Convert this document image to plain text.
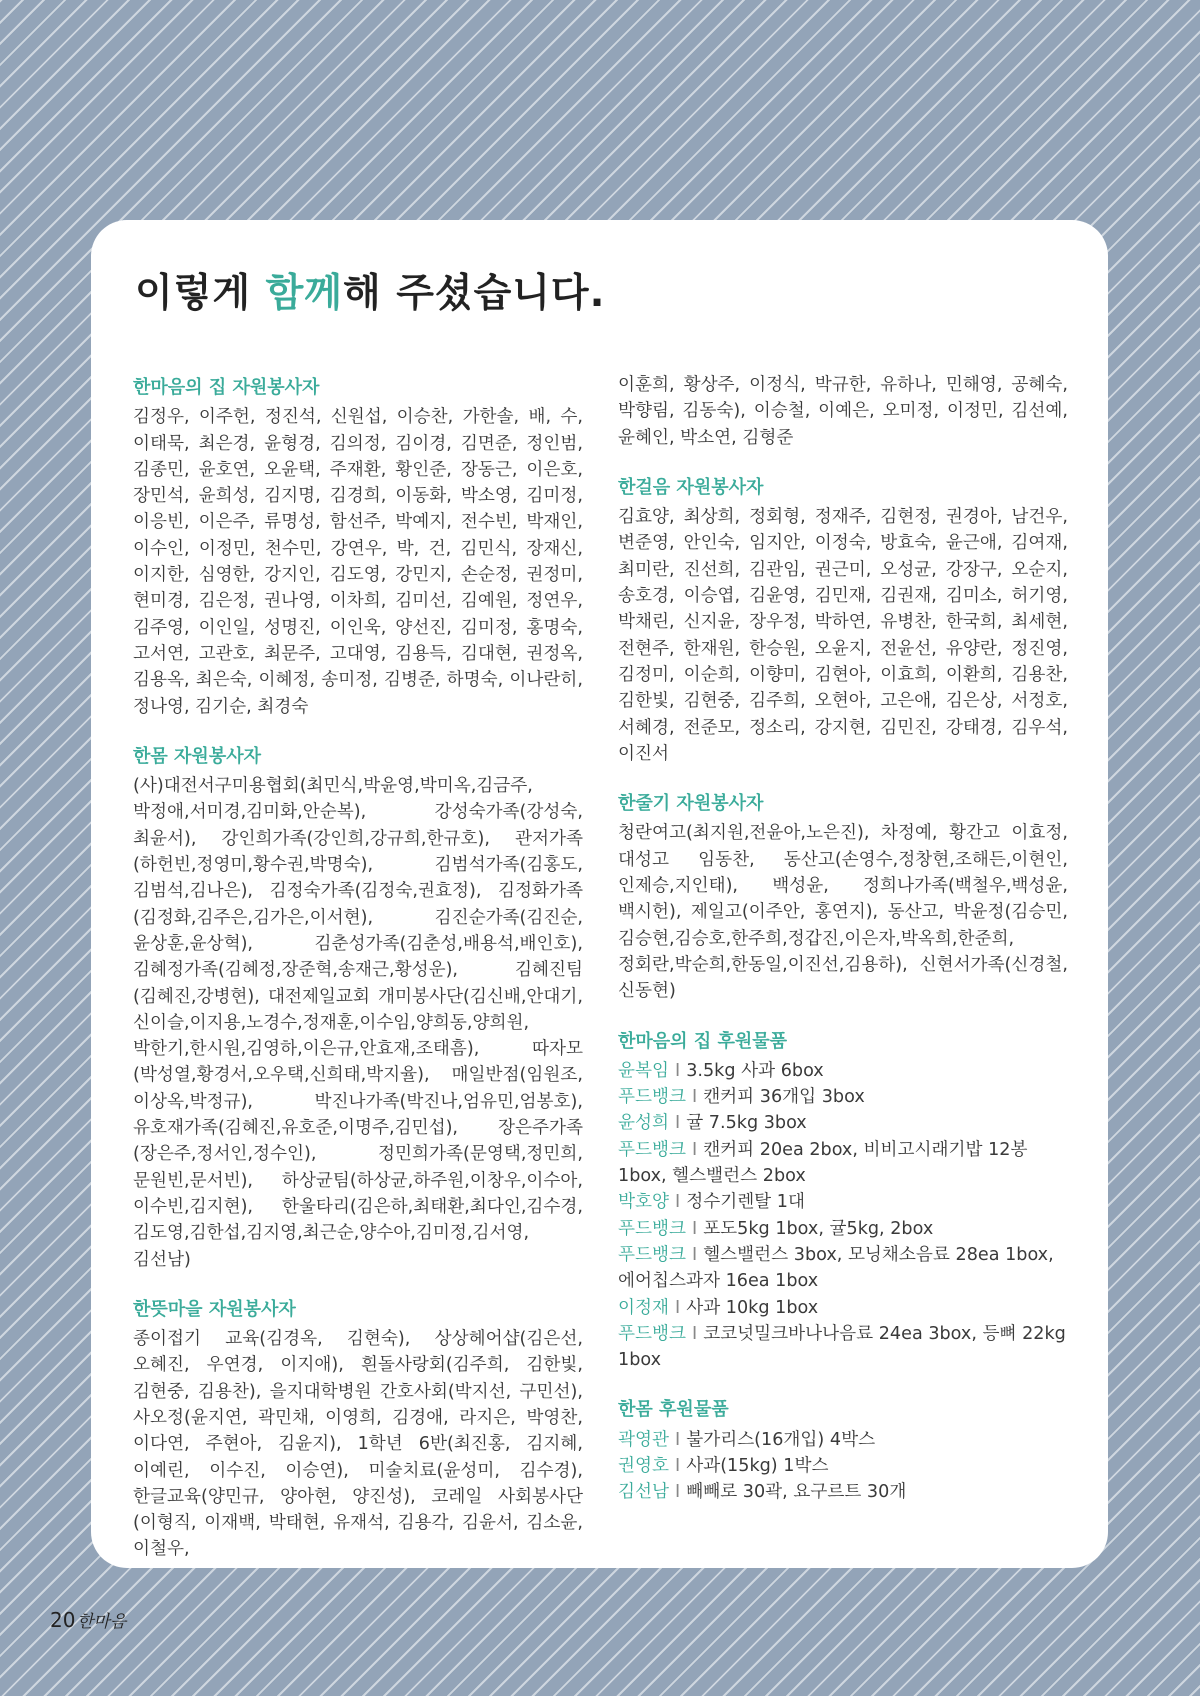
이렇게 함께해 주셨습니다.

한마음의 집 자원봉사자

김정우, 이주헌, 정진석, 신원섭, 이승찬, 가한솔, 배, 수, 이태묵, 최은경, 윤형경, 김의정, 김이경, 김면준, 정인범, 김종민, 윤호연, 오윤택, 주재환, 황인준, 장동근, 이은호, 장민석, 윤희성, 김지명, 김경희, 이동화, 박소영, 김미정, 이응빈, 이은주, 류명성, 함선주, 박예지, 전수빈, 박재인, 이수인, 이정민, 천수민, 강연우, 박, 건, 김민식, 장재신, 이지한, 심영한, 강지인, 김도영, 강민지, 손순정, 권정미, 현미경, 김은정, 권나영, 이차희, 김미선, 김예원, 정연우, 김주영, 이인일, 성명진, 이인욱, 양선진, 김미정, 홍명숙, 고서연, 고관호, 최문주, 고대영, 김용득, 김대현, 권정옥, 김용옥, 최은숙, 이혜정, 송미정, 김병준, 하명숙, 이나란히, 정나영, 김기순, 최경숙

한몸 자원봉사자

(사)대전서구미용협회(최민식,박윤영,박미옥,김금주,박정애,서미경,김미화,안순복), 강성숙가족(강성숙,최윤서), 강인희가족(강인희,강규희,한규호), 관저가족(하헌빈,정영미,황수권,박명숙), 김범석가족(김홍도,김범석,김나은), 김정숙가족(김정숙,권효정), 김정화가족(김정화,김주은,김가은,이서현), 김진순가족(김진순,윤상훈,윤상혁), 김춘성가족(김춘성,배용석,배인호), 김혜정가족(김혜정,장준혁,송재근,황성운), 김혜진팀(김혜진,강병현), 대전제일교회 개미봉사단(김신배,안대기,신이슬,이지용,노경수,정재훈,이수임,양희동,양희원,박한기,한시원,김영하,이은규,안효재,조태흠), 따자모(박성열,황경서,오우택,신희태,박지율), 매일반점(임원조,이상옥,박정규), 박진나가족(박진나,엄유민,엄봉호), 유호재가족(김혜진,유호준,이명주,김민섭), 장은주가족(장은주,정서인,정수인), 정민희가족(문영택,정민희,문원빈,문서빈), 하상균팀(하상균,하주원,이창우,이수아,이수빈,김지현), 한울타리(김은하,최태환,최다인,김수경,김도영,김한섭,김지영,최근순,양수아,김미정,김서영,김선남)

한뜻마을 자원봉사자

종이접기 교육(김경옥, 김현숙), 상상헤어샵(김은선, 오혜진, 우연경, 이지애), 흰돌사랑회(김주희, 김한빛, 김현중, 김용찬), 을지대학병원 간호사회(박지선, 구민선), 사오정(윤지연, 곽민채, 이영희, 김경애, 라지은, 박영찬, 이다연, 주현아, 김윤지), 1학년 6반(최진홍, 김지혜, 이예린, 이수진, 이승연), 미술치료(윤성미, 김수경), 한글교육(양민규, 양아현, 양진성), 코레일 사회봉사단(이형직, 이재백, 박태현, 유재석, 김용각, 김윤서, 김소윤, 이철우,

이훈희, 황상주, 이정식, 박규한, 유하나, 민해영, 공혜숙, 박향림, 김동숙), 이승철, 이예은, 오미정, 이정민, 김선예, 윤혜인, 박소연, 김형준

한걸음 자원봉사자

김효양, 최상희, 정회형, 정재주, 김현정, 권경아, 남건우, 변준영, 안인숙, 임지안, 이정숙, 방효숙, 윤근애, 김여재, 최미란, 진선희, 김관임, 권근미, 오성균, 강장구, 오순지, 송호경, 이승엽, 김윤영, 김민재, 김권재, 김미소, 허기영, 박채린, 신지윤, 장우정, 박하연, 유병찬, 한국희, 최세현, 전현주, 한재원, 한승원, 오윤지, 전윤선, 유양란, 정진영, 김정미, 이순희, 이향미, 김현아, 이효희, 이환희, 김용찬, 김한빛, 김현중, 김주희, 오현아, 고은애, 김은상, 서정호, 서혜경, 전준모, 정소리, 강지현, 김민진, 강태경, 김우석, 이진서

한줄기 자원봉사자

청란여고(최지원,전윤아,노은진), 차정예, 황간고 이효정, 대성고 임동찬, 동산고(손영수,정창현,조해든,이현인,인제승,지인태), 백성윤, 정희나가족(백철우,백성윤,백시헌), 제일고(이주안, 홍연지), 동산고, 박윤정(김승민,김승현,김승호,한주희,정갑진,이은자,박옥희,한준희,정회란,박순희,한동일,이진선,김용하), 신현서가족(신경철, 신동현)

한마음의 집 후원물품

윤복임 I 3.5kg 사과 6box

푸드뱅크 I 캔커피 36개입 3box

윤성희 I 귤 7.5kg 3box

푸드뱅크 I 캔커피 20ea 2box, 비비고시래기밥 12봉 1box, 헬스밸런스 2box

박호양 I 정수기렌탈 1대

푸드뱅크 I 포도5kg 1box, 귤5kg, 2box

푸드뱅크 I 헬스밸런스 3box, 모닝채소음료 28ea 1box, 에어칩스과자 16ea 1box

이정재 I 사과 10kg 1box

푸드뱅크 I 코코넛밀크바나나음료 24ea 3box, 등뼈 22kg 1box

한몸 후원물품

곽영관 I 불가리스(16개입) 4박스

권영호 I 사과(15kg) 1박스

김선남 I 빼빼로 30곽, 요구르트 30개

20 한마음
